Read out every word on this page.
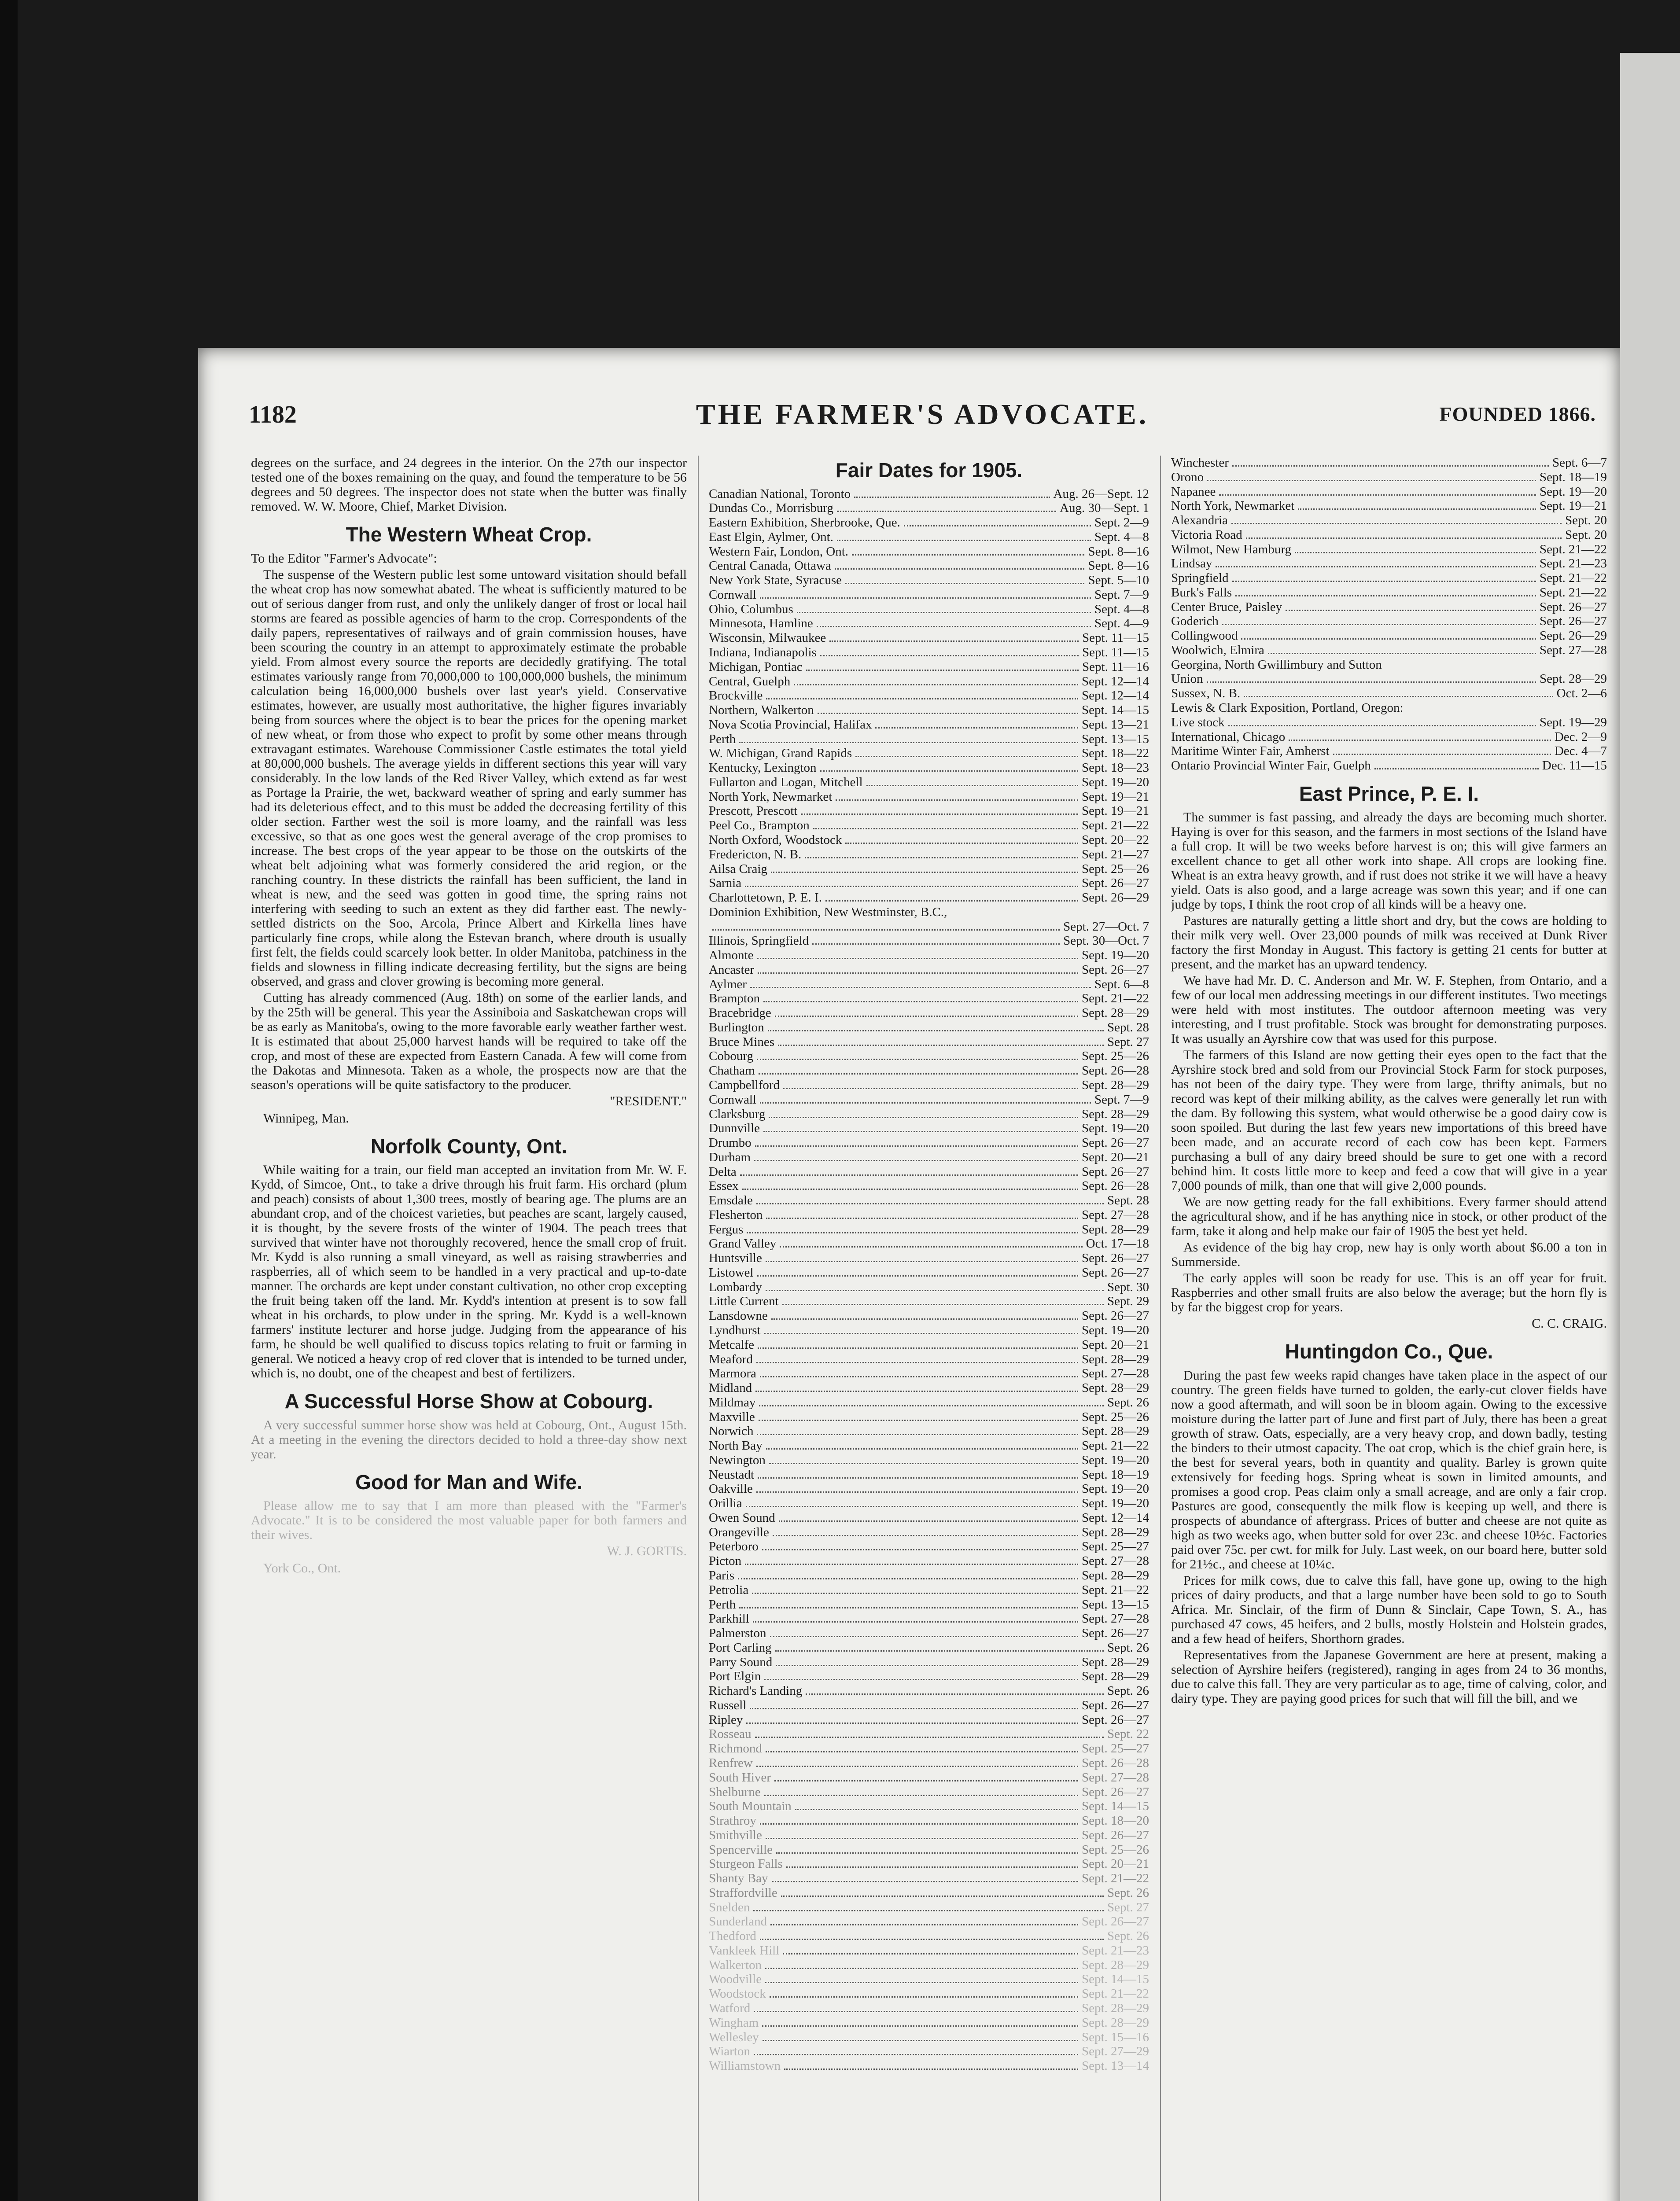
1182	THE FARMER'S ADVOCATE.	FOUNDED 1866.

degrees on the surface, and 24 degrees in the interior. On the 27th our inspector tested one of the boxes remaining on the quay, and found the temperature to be 56 degrees and 50 degrees. The inspector does not state when the butter was finally removed. W. W. Moore, Chief, Market Division.

The Western Wheat Crop.

To the Editor "Farmer's Advocate":

The suspense of the Western public lest some untoward visitation should befall the wheat crop has now somewhat abated. The wheat is sufficiently matured to be out of serious danger from rust, and only the unlikely danger of frost or local hail storms are feared as possible agencies of harm to the crop. Correspondents of the daily papers, representatives of railways and of grain commission houses, have been scouring the country in an attempt to approximately estimate the probable yield. From almost every source the reports are decidedly gratifying. The total estimates variously range from 70,000,000 to 100,000,000 bushels, the minimum calculation being 16,000,000 bushels over last year's yield. Conservative estimates, however, are usually most authoritative, the higher figures invariably being from sources where the object is to bear the prices for the opening market of new wheat, or from those who expect to profit by some other means through extravagant estimates. Warehouse Commissioner Castle estimates the total yield at 80,000,000 bushels. The average yields in different sections this year will vary considerably. In the low lands of the Red River Valley, which extend as far west as Portage la Prairie, the wet, backward weather of spring and early summer has had its deleterious effect, and to this must be added the decreasing fertility of this older section. Farther west the soil is more loamy, and the rainfall was less excessive, so that as one goes west the general average of the crop promises to increase. The best crops of the year appear to be those on the outskirts of the wheat belt adjoining what was formerly considered the arid region, or the ranching country. In these districts the rainfall has been sufficient, the land in wheat is new, and the seed was gotten in good time, the spring rains not interfering with seeding to such an extent as they did farther east. The newly-settled districts on the Soo, Arcola, Prince Albert and Kirkella lines have particularly fine crops, while along the Estevan branch, where drouth is usually first felt, the fields could scarcely look better. In older Manitoba, patchiness in the fields and slowness in filling indicate decreasing fertility, but the signs are being observed, and grass and clover growing is becoming more general.

Cutting has already commenced (Aug. 18th) on some of the earlier lands, and by the 25th will be general. This year the Assiniboia and Saskatchewan crops will be as early as Manitoba's, owing to the more favorable early weather farther west. It is estimated that about 25,000 harvest hands will be required to take off the crop, and most of these are expected from Eastern Canada. A few will come from the Dakotas and Minnesota. Taken as a whole, the prospects now are that the season's operations will be quite satisfactory to the producer.

"RESIDENT."

Winnipeg, Man.

Norfolk County, Ont.

While waiting for a train, our field man accepted an invitation from Mr. W. F. Kydd, of Simcoe, Ont., to take a drive through his fruit farm. His orchard (plum and peach) consists of about 1,300 trees, mostly of bearing age. The plums are an abundant crop, and of the choicest varieties, but peaches are scant, largely caused, it is thought, by the severe frosts of the winter of 1904. The peach trees that survived that winter have not thoroughly recovered, hence the small crop of fruit. Mr. Kydd is also running a small vineyard, as well as raising strawberries and raspberries, all of which seem to be handled in a very practical and up-to-date manner. The orchards are kept under constant cultivation, no other crop excepting the fruit being taken off the land. Mr. Kydd's intention at present is to sow fall wheat in his orchards, to plow under in the spring. Mr. Kydd is a well-known farmers' institute lecturer and horse judge. Judging from the appearance of his farm, he should be well qualified to discuss topics relating to fruit or farming in general. We noticed a heavy crop of red clover that is intended to be turned under, which is, no doubt, one of the cheapest and best of fertilizers.

A Successful Horse Show at Cobourg.

A very successful summer horse show was held at Cobourg, Ont., August 15th. At a meeting in the evening the directors decided to hold a three-day show next year.

Good for Man and Wife.

Please allow me to say that I am more than pleased with the "Farmer's Advocate." It is to be considered the most valuable paper for both farmers and their wives.

W. J. GORTIS.

York Co., Ont.

Fair Dates for 1905.
Canadian National, Toronto	Aug. 26—Sept. 12
Dundas Co., Morrisburg	Aug. 30—Sept. 1
Eastern Exhibition, Sherbrooke, Que.	Sept. 2—9
East Elgin, Aylmer, Ont.	Sept. 4—8
Western Fair, London, Ont.	Sept. 8—16
Central Canada, Ottawa	Sept. 8—16
New York State, Syracuse	Sept. 5—10
Cornwall	Sept. 7—9
Ohio, Columbus	Sept. 4—8
Minnesota, Hamline	Sept. 4—9
Wisconsin, Milwaukee	Sept. 11—15
Indiana, Indianapolis	Sept. 11—15
Michigan, Pontiac	Sept. 11—16
Central, Guelph	Sept. 12—14
Brockville	Sept. 12—14
Northern, Walkerton	Sept. 14—15
Nova Scotia Provincial, Halifax	Sept. 13—21
Perth	Sept. 13—15
W. Michigan, Grand Rapids	Sept. 18—22
Kentucky, Lexington	Sept. 18—23
Fullarton and Logan, Mitchell	Sept. 19—20
North York, Newmarket	Sept. 19—21
Prescott, Prescott	Sept. 19—21
Peel Co., Brampton	Sept. 21—22
North Oxford, Woodstock	Sept. 20—22
Fredericton, N. B.	Sept. 21—27
Ailsa Craig	Sept. 25—26
Sarnia	Sept. 26—27
Charlottetown, P. E. I.	Sept. 26—29
Dominion Exhibition, New Westminster, B.C.,
Sept. 27—Oct. 7
Illinois, Springfield	Sept. 30—Oct. 7
Almonte	Sept. 19—20
Ancaster	Sept. 26—27
Aylmer	Sept. 6—8
Brampton	Sept. 21—22
Bracebridge	Sept. 28—29
Burlington	Sept. 28
Bruce Mines	Sept. 27
Cobourg	Sept. 25—26
Chatham	Sept. 26—28
Campbellford	Sept. 28—29
Cornwall	Sept. 7—9
Clarksburg	Sept. 28—29
Dunnville	Sept. 19—20
Drumbo	Sept. 26—27
Durham	Sept. 20—21
Delta	Sept. 26—27
Essex	Sept. 26—28
Emsdale	Sept. 28
Flesherton	Sept. 27—28
Fergus	Sept. 28—29
Grand Valley	Oct. 17—18
Huntsville	Sept. 26—27
Listowel	Sept. 26—27
Lombardy	Sept. 30
Little Current	Sept. 29
Lansdowne	Sept. 26—27
Lyndhurst	Sept. 19—20
Metcalfe	Sept. 20—21
Meaford	Sept. 28—29
Marmora	Sept. 27—28
Midland	Sept. 28—29
Mildmay	Sept. 26
Maxville	Sept. 25—26
Norwich	Sept. 28—29
North Bay	Sept. 21—22
Newington	Sept. 19—20
Neustadt	Sept. 18—19
Oakville	Sept. 19—20
Orillia	Sept. 19—20
Owen Sound	Sept. 12—14
Orangeville	Sept. 28—29
Peterboro	Sept. 25—27
Picton	Sept. 27—28
Paris	Sept. 28—29
Petrolia	Sept. 21—22
Perth	Sept. 13—15
Parkhill	Sept. 27—28
Palmerston	Sept. 26—27
Port Carling	Sept. 26
Parry Sound	Sept. 28—29
Port Elgin	Sept. 28—29
Richard's Landing	Sept. 26
Russell	Sept. 26—27
Ripley	Sept. 26—27
Rosseau	Sept. 22
Richmond	Sept. 25—27
Renfrew	Sept. 26—28
South Hiver	Sept. 27—28
Shelburne	Sept. 26—27
South Mountain	Sept. 14—15
Strathroy	Sept. 18—20
Smithville	Sept. 26—27
Spencerville	Sept. 25—26
Sturgeon Falls	Sept. 20—21
Shanty Bay	Sept. 21—22
Straffordville	Sept. 26
Snelden	Sept. 27
Sunderland	Sept. 26—27
Thedford	Sept. 26
Vankleek Hill	Sept. 21—23
Walkerton	Sept. 28—29
Woodville	Sept. 14—15
Woodstock	Sept. 21—22
Watford	Sept. 28—29
Wingham	Sept. 28—29
Wellesley	Sept. 15—16
Wiarton	Sept. 27—29
Williamstown	Sept. 13—14
Winchester	Sept. 6—7
Orono	Sept. 18—19
Napanee	Sept. 19—20
North York, Newmarket	Sept. 19—21
Alexandria	Sept. 20
Victoria Road	Sept. 20
Wilmot, New Hamburg	Sept. 21—22
Lindsay	Sept. 21—23
Springfield	Sept. 21—22
Burk's Falls	Sept. 21—22
Center Bruce, Paisley	Sept. 26—27
Goderich	Sept. 26—27
Collingwood	Sept. 26—29
Woolwich, Elmira	Sept. 27—28
Georgina, North Gwillimbury and Sutton
Union	Sept. 28—29
Sussex, N. B.	Oct. 2—6
Lewis & Clark Exposition, Portland, Oregon:
Live stock	Sept. 19—29
International, Chicago	Dec. 2—9
Maritime Winter Fair, Amherst	Dec. 4—7
Ontario Provincial Winter Fair, Guelph	Dec. 11—15
East Prince, P. E. I.

The summer is fast passing, and already the days are becoming much shorter. Haying is over for this season, and the farmers in most sections of the Island have a full crop. It will be two weeks before harvest is on; this will give farmers an excellent chance to get all other work into shape. All crops are looking fine. Wheat is an extra heavy growth, and if rust does not strike it we will have a heavy yield. Oats is also good, and a large acreage was sown this year; and if one can judge by tops, I think the root crop of all kinds will be a heavy one.

Pastures are naturally getting a little short and dry, but the cows are holding to their milk very well. Over 23,000 pounds of milk was received at Dunk River factory the first Monday in August. This factory is getting 21 cents for butter at present, and the market has an upward tendency.

We have had Mr. D. C. Anderson and Mr. W. F. Stephen, from Ontario, and a few of our local men addressing meetings in our different institutes. Two meetings were held with most institutes. The outdoor afternoon meeting was very interesting, and I trust profitable. Stock was brought for demonstrating purposes. It was usually an Ayrshire cow that was used for this purpose.

The farmers of this Island are now getting their eyes open to the fact that the Ayrshire stock bred and sold from our Provincial Stock Farm for stock purposes, has not been of the dairy type. They were from large, thrifty animals, but no record was kept of their milking ability, as the calves were generally let run with the dam. By following this system, what would otherwise be a good dairy cow is soon spoiled. But during the last few years new importations of this breed have been made, and an accurate record of each cow has been kept. Farmers purchasing a bull of any dairy breed should be sure to get one with a record behind him. It costs little more to keep and feed a cow that will give in a year 7,000 pounds of milk, than one that will give 2,000 pounds.

We are now getting ready for the fall exhibitions. Every farmer should attend the agricultural show, and if he has anything nice in stock, or other product of the farm, take it along and help make our fair of 1905 the best yet held.

As evidence of the big hay crop, new hay is only worth about $6.00 a ton in Summerside.

The early apples will soon be ready for use. This is an off year for fruit. Raspberries and other small fruits are also below the average; but the horn fly is by far the biggest crop for years.

C. C. CRAIG.
Huntingdon Co., Que.

During the past few weeks rapid changes have taken place in the aspect of our country. The green fields have turned to golden, the early-cut clover fields have now a good aftermath, and will soon be in bloom again. Owing to the excessive moisture during the latter part of June and first part of July, there has been a great growth of straw. Oats, especially, are a very heavy crop, and down badly, testing the binders to their utmost capacity. The oat crop, which is the chief grain here, is the best for several years, both in quantity and quality. Barley is grown quite extensively for feeding hogs. Spring wheat is sown in limited amounts, and promises a good crop. Peas claim only a small acreage, and are only a fair crop. Pastures are good, consequently the milk flow is keeping up well, and there is prospects of abundance of aftergrass. Prices of butter and cheese are not quite as high as two weeks ago, when butter sold for over 23c. and cheese 10½c. Factories paid over 75c. per cwt. for milk for July. Last week, on our board here, butter sold for 21½c., and cheese at 10¼c.

Prices for milk cows, due to calve this fall, have gone up, owing to the high prices of dairy products, and that a large number have been sold to go to South Africa. Mr. Sinclair, of the firm of Dunn & Sinclair, Cape Town, S. A., has purchased 47 cows, 45 heifers, and 2 bulls, mostly Holstein and Holstein grades, and a few head of heifers, Shorthorn grades.

Representatives from the Japanese Government are here at present, making a selection of Ayrshire heifers (registered), ranging in ages from 24 to 36 months, due to calve this fall. They are very particular as to age, time of calving, color, and dairy type. They are paying good prices for such that will fill the bill, and we
